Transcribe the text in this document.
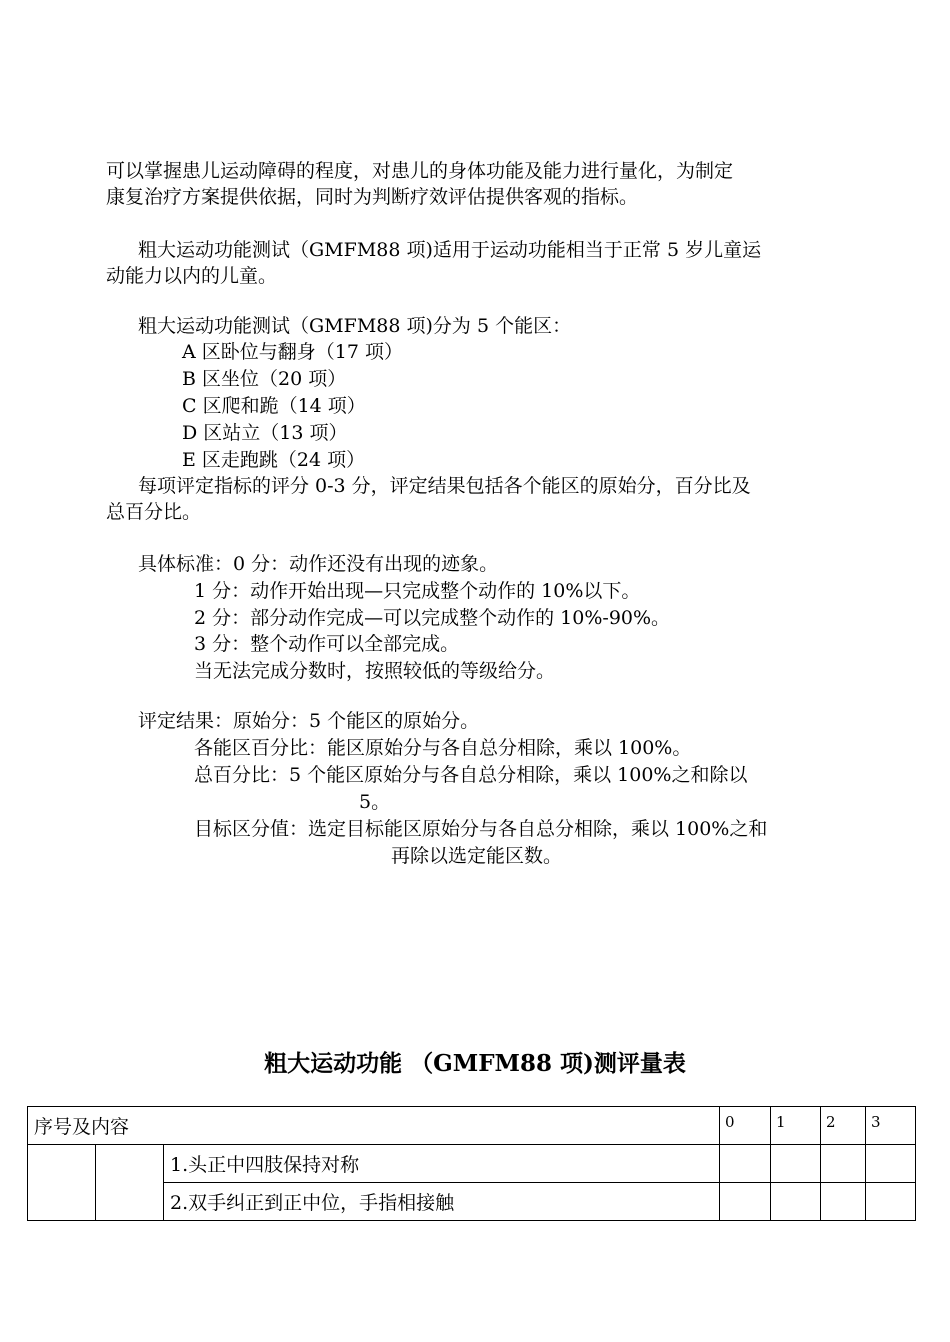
可以掌握患儿运动障碍的程度，对患儿的身体功能及能力进行量化，为制定
康复治疗方案提供依据，同时为判断疗效评估提供客观的指标。
粗大运动功能测试（GMFM88 项)适用于运动功能相当于正常 5 岁儿童运
动能力以内的儿童。
粗大运动功能测试（GMFM88 项)分为 5 个能区：
A 区卧位与翻身（17 项）
B 区坐位（20 项）
C 区爬和跪（14 项）
D 区站立（13 项）
E 区走跑跳（24 项）
每项评定指标的评分 0-3 分，评定结果包括各个能区的原始分，百分比及
总百分比。
具体标准：0 分：动作还没有出现的迹象。
1 分：动作开始出现—只完成整个动作的 10%以下。
2 分：部分动作完成—可以完成整个动作的 10%-90%。
3 分：整个动作可以全部完成。
当无法完成分数时，按照较低的等级给分。
评定结果：原始分：5 个能区的原始分。
各能区百分比：能区原始分与各自总分相除，乘以 100%。
总百分比：5 个能区原始分与各自总分相除，乘以 100%之和除以
5。
目标区分值：选定目标能区原始分与各自总分相除，乘以 100%之和
再除以选定能区数。
粗大运动功能 （GMFM88 项)测评量表
序号及内容			0	1	2	3
		1.头正中四肢保持对称				
		2.双手纠正到正中位，手指相接触				
